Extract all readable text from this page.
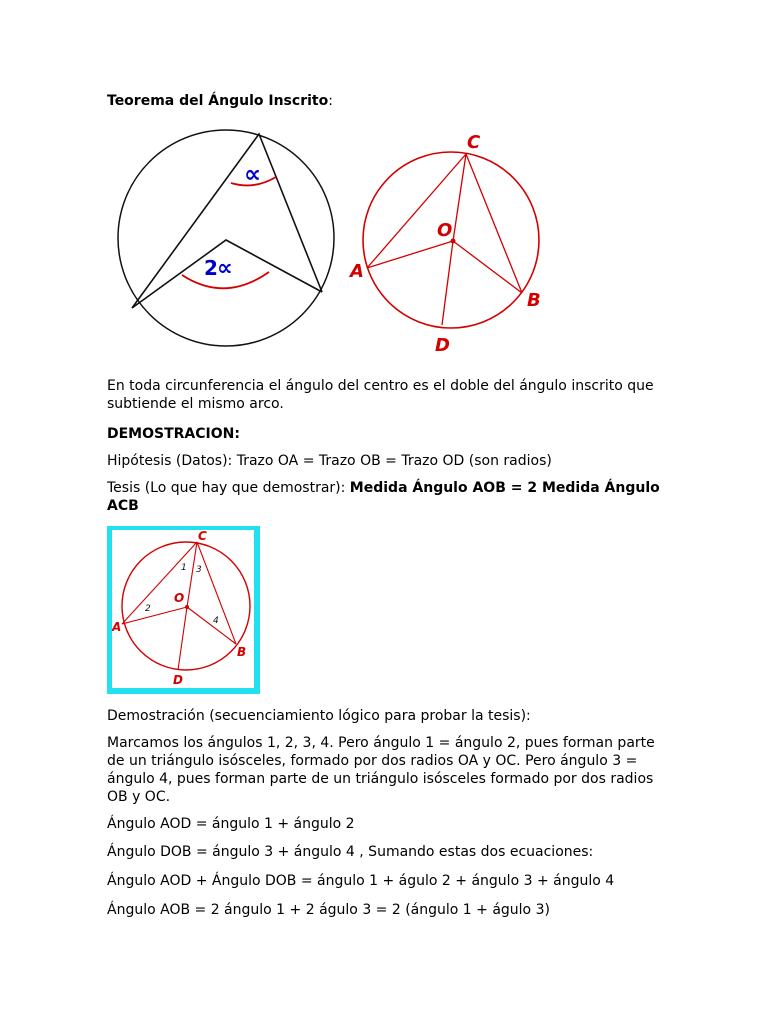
Teorema del Ángulo Inscrito:
∝
2 ∝
C
O
A
B
D

En toda circunferencia el ángulo del centro es el doble del ángulo inscrito que subtiende el mismo arco.

DEMOSTRACION:

Hipótesis (Datos): Trazo OA = Trazo OB = Trazo OD (son radios)

Tesis (Lo que hay que demostrar): Medida Ángulo AOB = 2 Medida Ángulo ACB

C
O
A
B
D
1
2
3
4

Demostración (secuenciamiento lógico para probar la tesis):

Marcamos los ángulos 1, 2, 3, 4. Pero ángulo 1 = ángulo 2, pues forman parte de un triángulo isósceles, formado por dos radios OA y OC. Pero ángulo 3 = ángulo 4, pues forman parte de un triángulo isósceles formado por dos radios OB y OC.

Ángulo AOD = ángulo 1 + ángulo 2

Ángulo DOB = ángulo 3 + ángulo 4 , Sumando estas dos ecuaciones:

Ángulo AOD + Ángulo DOB = ángulo 1 + águlo 2 + ángulo 3 + ángulo 4

Ángulo AOB = 2 ángulo 1 + 2 águlo 3 = 2 (ángulo 1 + águlo 3)
